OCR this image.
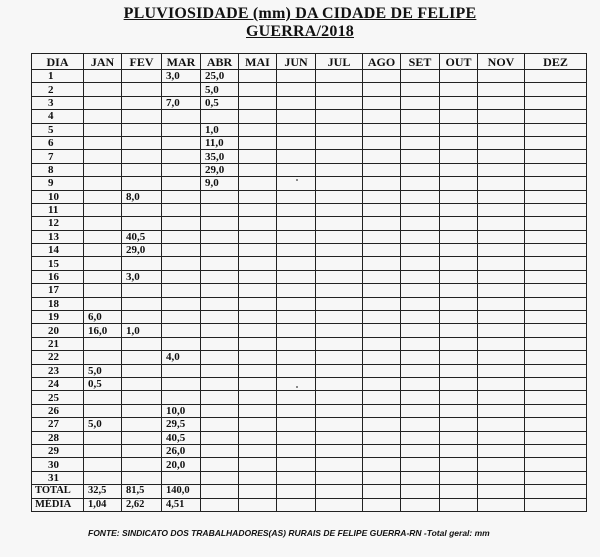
PLUVIOSIDADE (mm) DA CIDADE DE FELIPE
GUERRA/2018
DIA	JAN	FEV	MAR	ABR	MAI	JUN	JUL	AGO	SET	OUT	NOV	DEZ
1			3,0	25,0								
2				5,0								
3			7,0	0,5								
4												
5				1,0								
6				11,0								
7				35,0								
8				29,0								
9				9,0								
10		8,0										
11												
12												
13		40,5										
14		29,0										
15												
16		3,0										
17												
18												
19	6,0											
20	16,0	1,0										
21												
22			4,0									
23	5,0											
24	0,5											
25												
26			10,0									
27	5,0		29,5									
28			40,5									
29			26,0									
30			20,0									
31												
TOTAL	32,5	81,5	140,0									
MÉDIA	1,04	2,62	4,51									
FONTE: SINDICATO DOS TRABALHADORES(AS) RURAIS DE FELIPE GUERRA-RN -Total geral: mm
